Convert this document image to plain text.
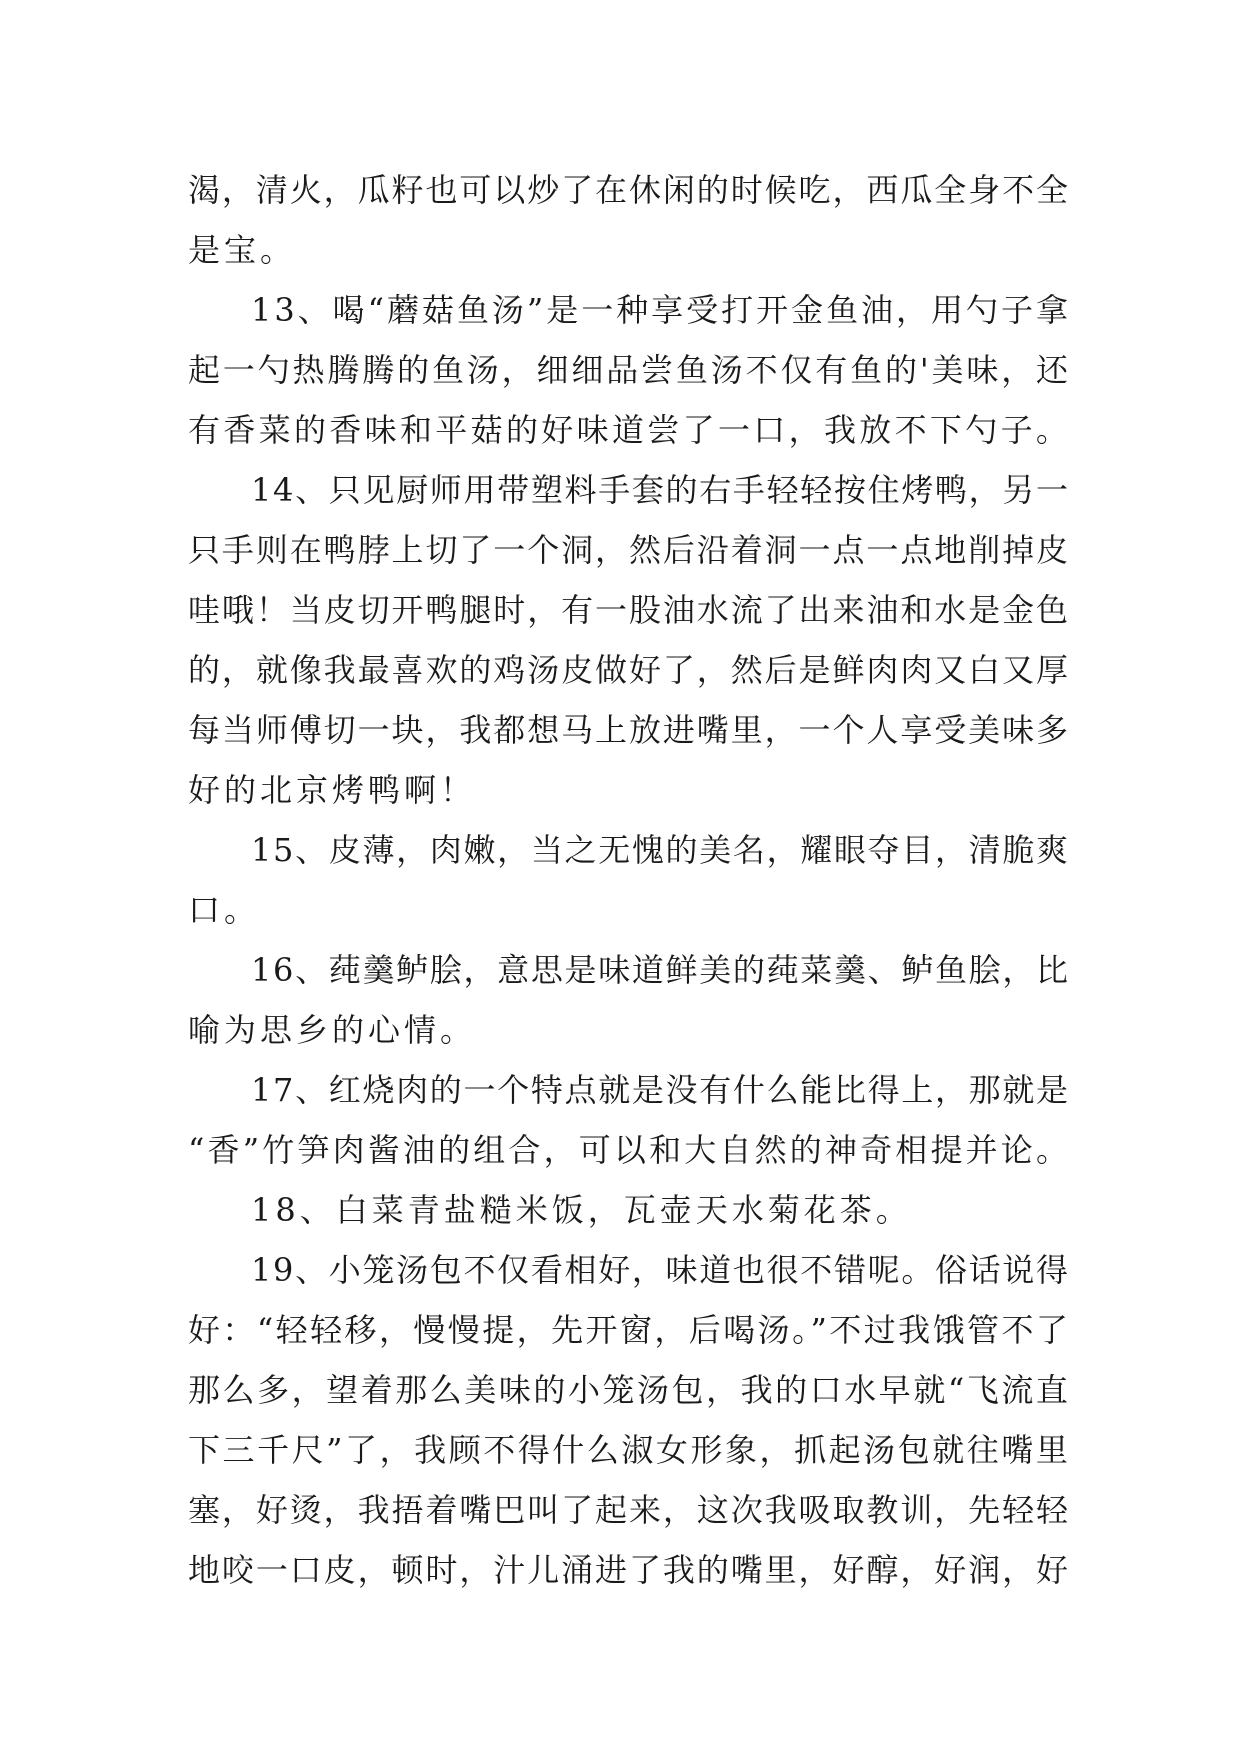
渴，清火，瓜籽也可以炒了在休闲的时候吃，西瓜全身不全
是宝。
13、喝“蘑菇鱼汤”是一种享受打开金鱼油，用勺子拿
起一勺热腾腾的鱼汤，细细品尝鱼汤不仅有鱼的'美味，还
有香菜的香味和平菇的好味道尝了一口，我放不下勺子。
14、只见厨师用带塑料手套的右手轻轻按住烤鸭，另一
只手则在鸭脖上切了一个洞，然后沿着洞一点一点地削掉皮
哇哦！当皮切开鸭腿时，有一股油水流了出来油和水是金色
的，就像我最喜欢的鸡汤皮做好了，然后是鲜肉肉又白又厚
每当师傅切一块，我都想马上放进嘴里，一个人享受美味多
好的北京烤鸭啊！
15、皮薄，肉嫩，当之无愧的美名，耀眼夺目，清脆爽
口。
16、莼羹鲈脍，意思是味道鲜美的莼菜羹、鲈鱼脍，比
喻为思乡的心情。
17、红烧肉的一个特点就是没有什么能比得上，那就是
“香”竹笋肉酱油的组合，可以和大自然的神奇相提并论。
18、白菜青盐糙米饭，瓦壶天水菊花茶。
19、小笼汤包不仅看相好，味道也很不错呢。俗话说得
好：“轻轻移，慢慢提，先开窗，后喝汤。”不过我饿管不了
那么多，望着那么美味的小笼汤包，我的口水早就“飞流直
下三千尺”了，我顾不得什么淑女形象，抓起汤包就往嘴里
塞，好烫，我捂着嘴巴叫了起来，这次我吸取教训，先轻轻
地咬一口皮，顿时，汁儿涌进了我的嘴里，好醇，好润，好
